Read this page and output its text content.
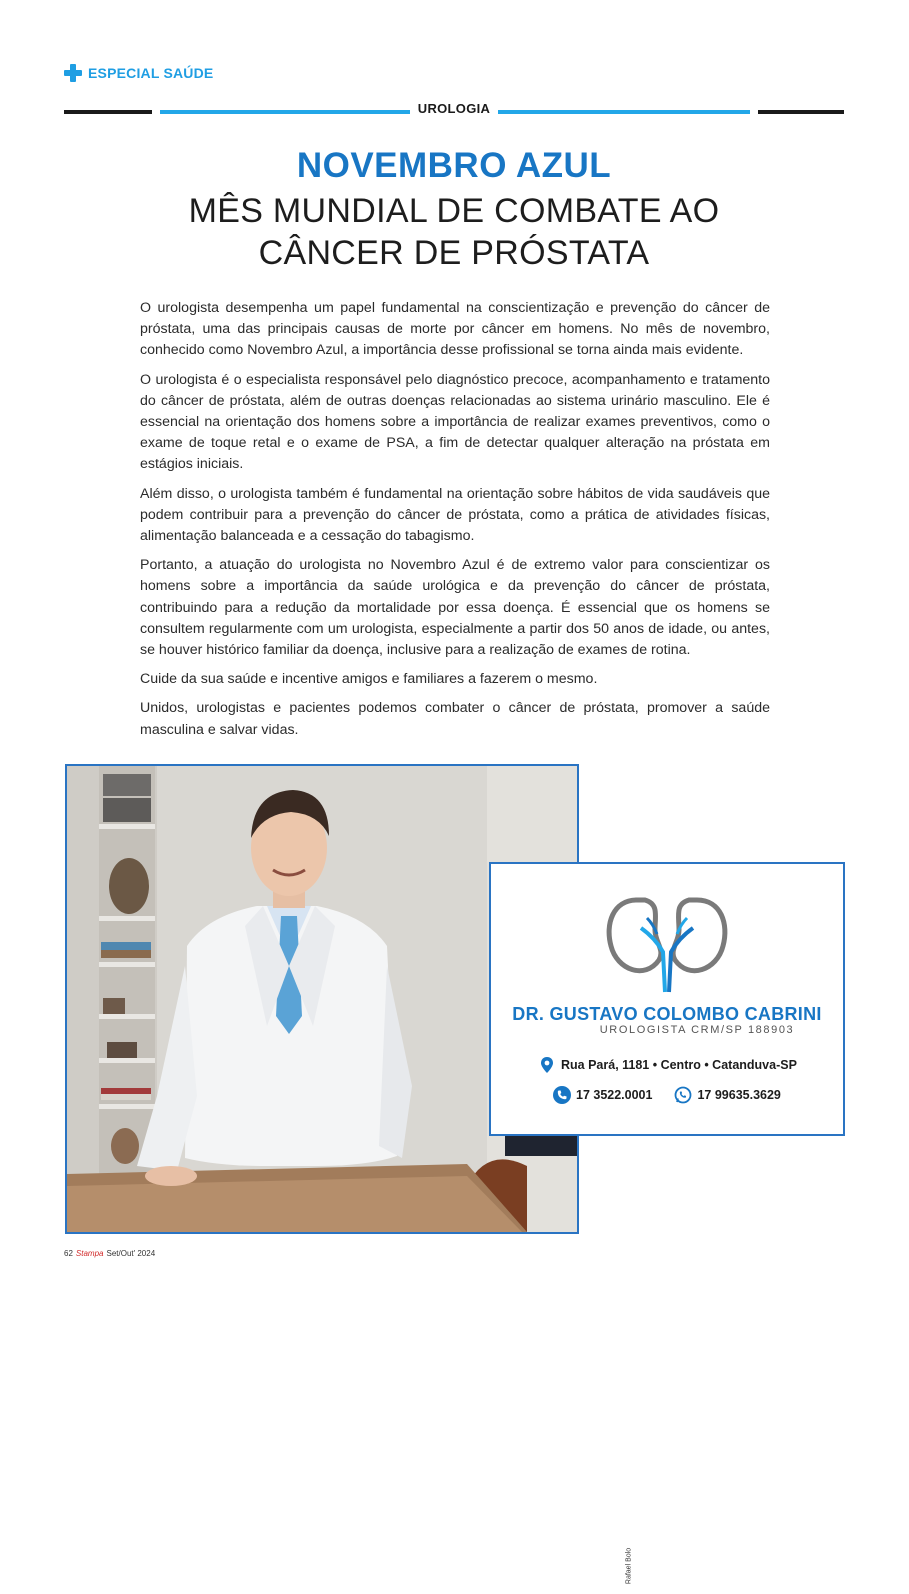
ESPECIAL SAÚDE
UROLOGIA
NOVEMBRO AZUL
MÊS MUNDIAL DE COMBATE AO
CÂNCER DE PRÓSTATA

O urologista desempenha um papel fundamental na conscientização e prevenção do câncer de próstata, uma das principais causas de morte por câncer em homens. No mês de novembro, conhecido como Novembro Azul, a importância desse profissional se torna ainda mais evidente.

O urologista é o especialista responsável pelo diagnóstico precoce, acompanhamento e tratamento do câncer de próstata, além de outras doenças relacionadas ao sistema urinário masculino. Ele é essencial na orientação dos homens sobre a importância de realizar exames preventivos, como o exame de toque retal e o exame de PSA, a fim de detectar qualquer alteração na próstata em estágios iniciais.

Além disso, o urologista também é fundamental na orientação sobre hábitos de vida saudáveis que podem contribuir para a prevenção do câncer de próstata, como a prática de atividades físicas, alimentação balanceada e a cessação do tabagismo.

Portanto, a atuação do urologista no Novembro Azul é de extremo valor para conscientizar os homens sobre a importância da saúde urológica e da prevenção do câncer de próstata, contribuindo para a redução da mortalidade por essa doença. É essencial que os homens se consultem regularmente com um urologista, especialmente a partir dos 50 anos de idade, ou antes, se houver histórico familiar da doença, inclusive para a realização de exames de rotina.

Cuide da sua saúde e incentive amigos e familiares a fazerem o mesmo.

Unidos, urologistas e pacientes podemos combater o câncer de próstata, promover a saúde masculina e salvar vidas.

Rafael Bolo
DR. GUSTAVO COLOMBO CABRINI
UROLOGISTA CRM/SP 188903
Rua Pará, 1181 • Centro • Catanduva-SP
17 3522.0001	17 99635.3629
62 Stampa Set/Out' 2024
